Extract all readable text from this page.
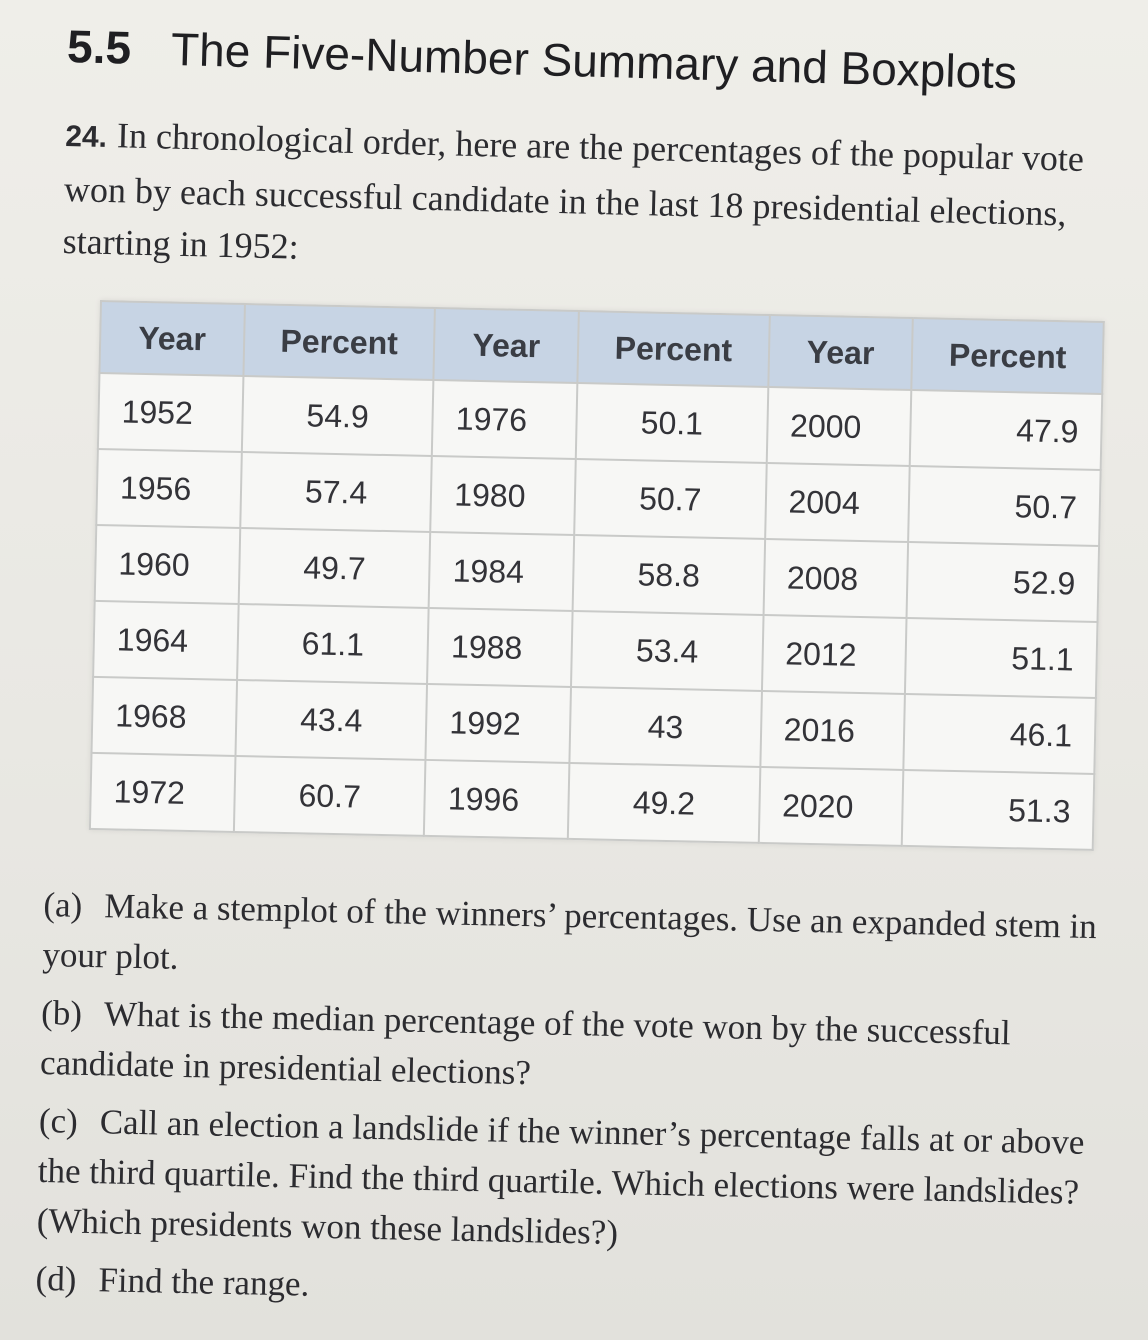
5.5 The Five-Number Summary and Boxplots
24. In chronological order, here are the percentages of the popular vote won by each successful candidate in the last 18 presidential elections, starting in 1952:
Year	Percent	Year	Percent	Year	Percent
1952	54.9	1976	50.1	2000	47.9
1956	57.4	1980	50.7	2004	50.7
1960	49.7	1984	58.8	2008	52.9
1964	61.1	1988	53.4	2012	51.1
1968	43.4	1992	43	2016	46.1
1972	60.7	1996	49.2	2020	51.3

(a) Make a stemplot of the winners’ percentages. Use an expanded stem in your plot.

(b) What is the median percentage of the vote won by the successful candidate in presidential elections?

(c) Call an election a landslide if the winner’s percentage falls at or above the third quartile. Find the third quartile. Which elections were landslides? (Which presidents won these landslides?)

(d) Find the range.
